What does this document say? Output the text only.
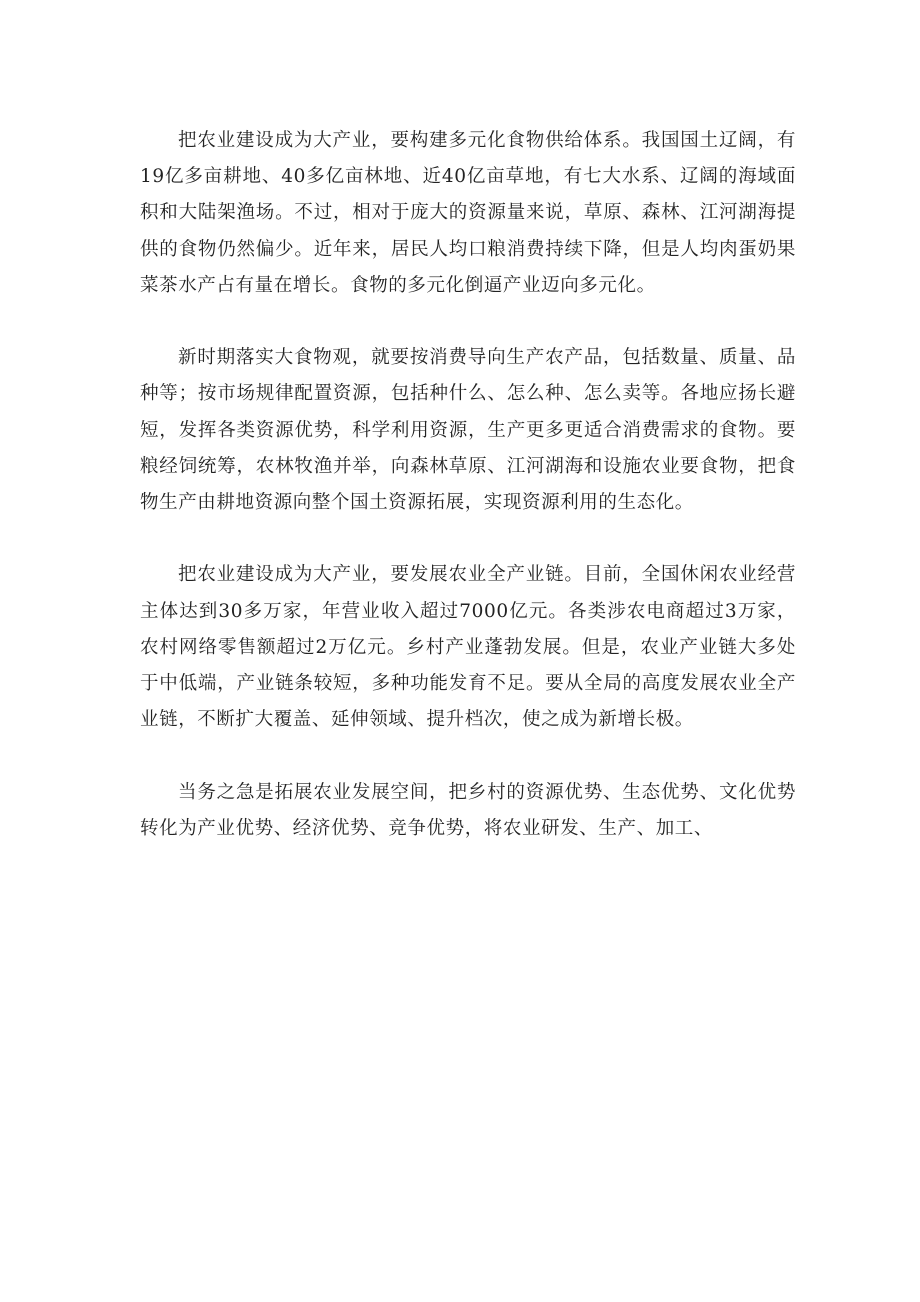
把农业建设成为大产业，要构建多元化食物供给体系。我国国土辽阔，有19亿多亩耕地、40多亿亩林地、近40亿亩草地，有七大水系、辽阔的海域面积和大陆架渔场。不过，相对于庞大的资源量来说，草原、森林、江河湖海提供的食物仍然偏少。近年来，居民人均口粮消费持续下降，但是人均肉蛋奶果菜茶水产占有量在增长。食物的多元化倒逼产业迈向多元化。

新时期落实大食物观，就要按消费导向生产农产品，包括数量、质量、品种等；按市场规律配置资源，包括种什么、怎么种、怎么卖等。各地应扬长避短，发挥各类资源优势，科学利用资源，生产更多更适合消费需求的食物。要粮经饲统筹，农林牧渔并举，向森林草原、江河湖海和设施农业要食物，把食物生产由耕地资源向整个国土资源拓展，实现资源利用的生态化。

把农业建设成为大产业，要发展农业全产业链。目前，全国休闲农业经营主体达到30多万家，年营业收入超过7000亿元。各类涉农电商超过3万家，农村网络零售额超过2万亿元。乡村产业蓬勃发展。但是，农业产业链大多处于中低端，产业链条较短，多种功能发育不足。要从全局的高度发展农业全产业链，不断扩大覆盖、延伸领域、提升档次，使之成为新增长极。

当务之急是拓展农业发展空间，把乡村的资源优势、生态优势、文化优势转化为产业优势、经济优势、竞争优势，将农业研发、生产、加工、
